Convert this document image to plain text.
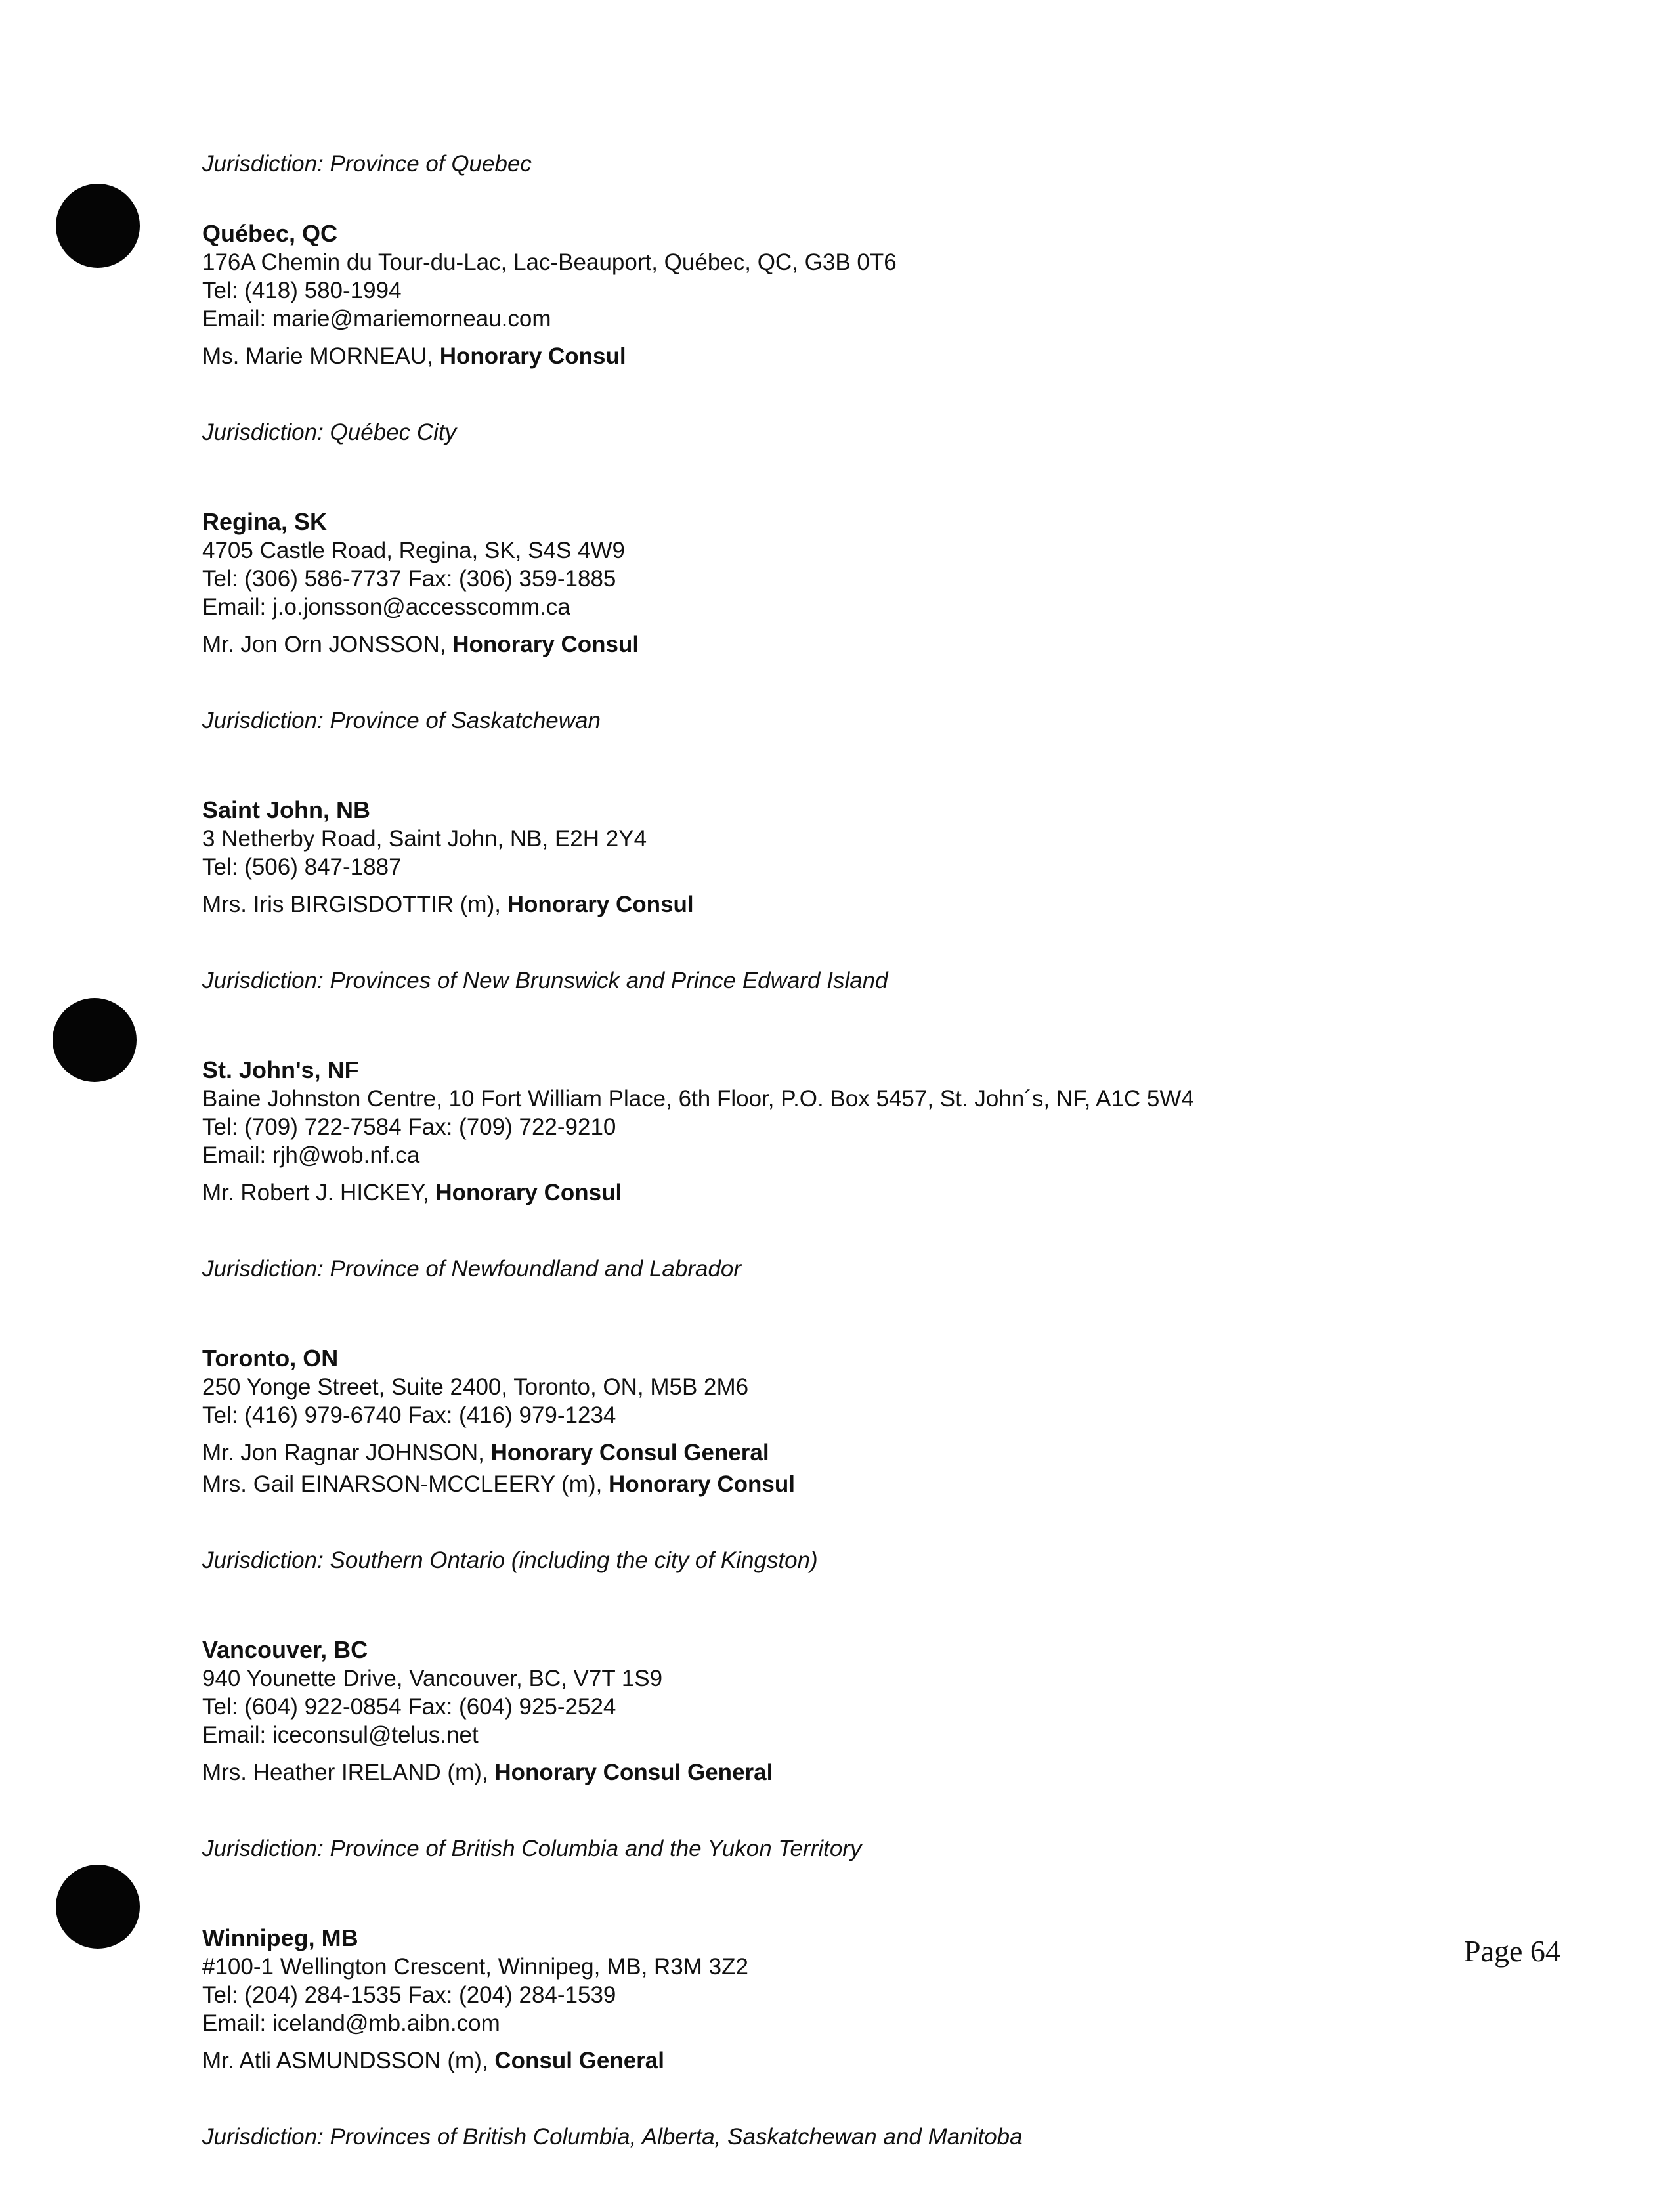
Jurisdiction: Province of Quebec
Québec, QC
176A Chemin du Tour-du-Lac, Lac-Beauport, Québec, QC, G3B 0T6
Tel: (418) 580-1994
Email: marie@mariemorneau.com
Ms. Marie MORNEAU, Honorary Consul
Jurisdiction: Québec City
Regina, SK
4705 Castle Road, Regina, SK, S4S 4W9
Tel: (306) 586-7737 Fax: (306) 359-1885
Email: j.o.jonsson@accesscomm.ca
Mr. Jon Orn JONSSON, Honorary Consul
Jurisdiction: Province of Saskatchewan
Saint John, NB
3 Netherby Road, Saint John, NB, E2H 2Y4
Tel: (506) 847-1887
Mrs. Iris BIRGISDOTTIR (m), Honorary Consul
Jurisdiction: Provinces of New Brunswick and Prince Edward Island
St. John's, NF
Baine Johnston Centre, 10 Fort William Place, 6th Floor, P.O. Box 5457, St. John´s, NF, A1C 5W4
Tel: (709) 722-7584 Fax: (709) 722-9210
Email: rjh@wob.nf.ca
Mr. Robert J. HICKEY, Honorary Consul
Jurisdiction: Province of Newfoundland and Labrador
Toronto, ON
250 Yonge Street, Suite 2400, Toronto, ON, M5B 2M6
Tel: (416) 979-6740 Fax: (416) 979-1234
Mr. Jon Ragnar JOHNSON, Honorary Consul General
Mrs. Gail EINARSON-MCCLEERY (m), Honorary Consul
Jurisdiction: Southern Ontario (including the city of Kingston)
Vancouver, BC
940 Younette Drive, Vancouver, BC, V7T 1S9
Tel: (604) 922-0854 Fax: (604) 925-2524
Email: iceconsul@telus.net
Mrs. Heather IRELAND (m), Honorary Consul General
Jurisdiction: Province of British Columbia and the Yukon Territory
Winnipeg, MB
#100-1 Wellington Crescent, Winnipeg, MB, R3M 3Z2
Tel: (204) 284-1535 Fax: (204) 284-1539
Email: iceland@mb.aibn.com
Mr. Atli ASMUNDSSON (m), Consul General
Jurisdiction: Provinces of British Columbia, Alberta, Saskatchewan and Manitoba
Page 64
